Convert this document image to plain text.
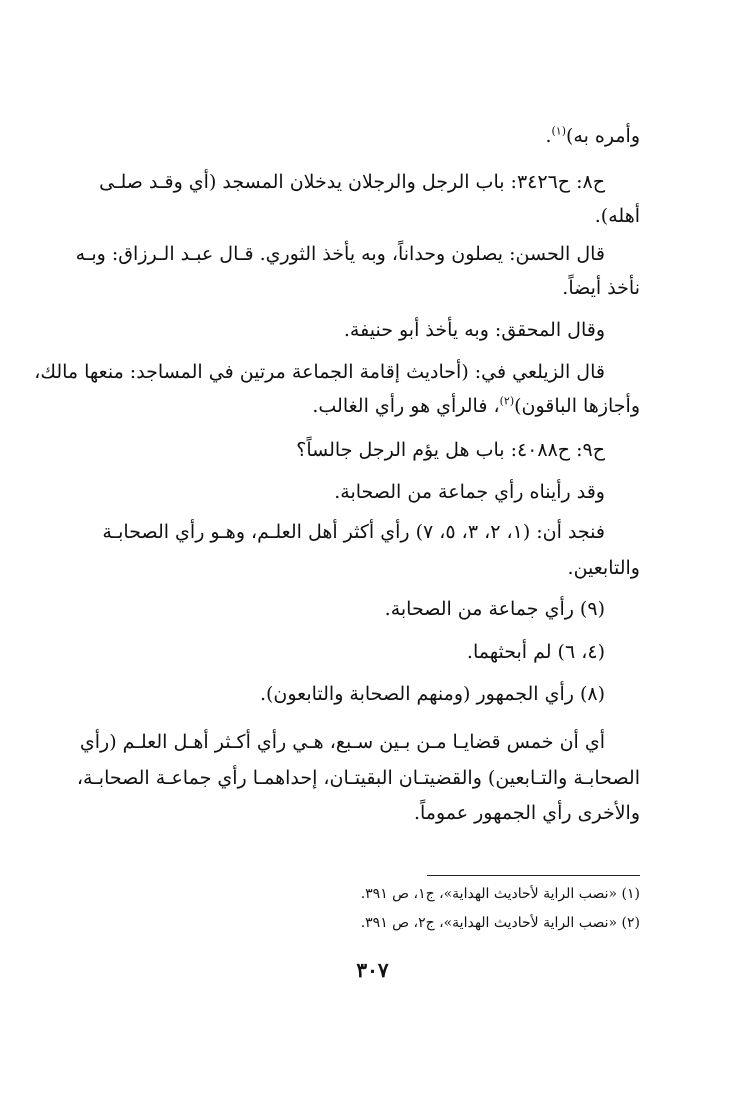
وأمره به)$^{(١)}$.
ح٨: ح٣٤٢٦: باب الرجل والرجلان يدخلان المسجد (أي وقـد صلـى
أهله).
قال الحسن: يصلون وحداناً، وبه يأخذ الثوري. قـال عبـد الـرزاق: وبـه
نأخذ أيضاً.
وقال المحقق: وبه يأخذ أبو حنيفة.
قال الزيلعي في: (أحاديث إقامة الجماعة مرتين في المساجد: منعها مالك،
وأجازها الباقون)$^{(٢)}$، فالرأي هو رأي الغالب.
ح٩: ح٤٠٨٨: باب هل يؤم الرجل جالساً؟
وقد رأيناه رأي جماعة من الصحابة.
فنجد أن: (١، ٢، ٣، ٥، ٧) رأي أكثر أهل العلـم، وهـو رأي الصحابـة
والتابعين.
(٩) رأي جماعة من الصحابة.
(٤، ٦) لم أبحثهما.
(٨) رأي الجمهور (ومنهم الصحابة والتابعون).
أي أن خمس قضايـا مـن بـين سـبع، هـي رأي أكـثر أهـل العلـم (رأي
الصحابـة والتـابعين) والقضيتـان البقيتـان، إحداهمـا رأي جماعـة الصحابـة،
والأخرى رأي الجمهور عموماً.
(١) «نصب الراية لأحاديث الهداية»، ج١، ص ٣٩١.
(٢) «نصب الراية لأحاديث الهداية»، ج٢، ص ٣٩١.
٣٠٧
